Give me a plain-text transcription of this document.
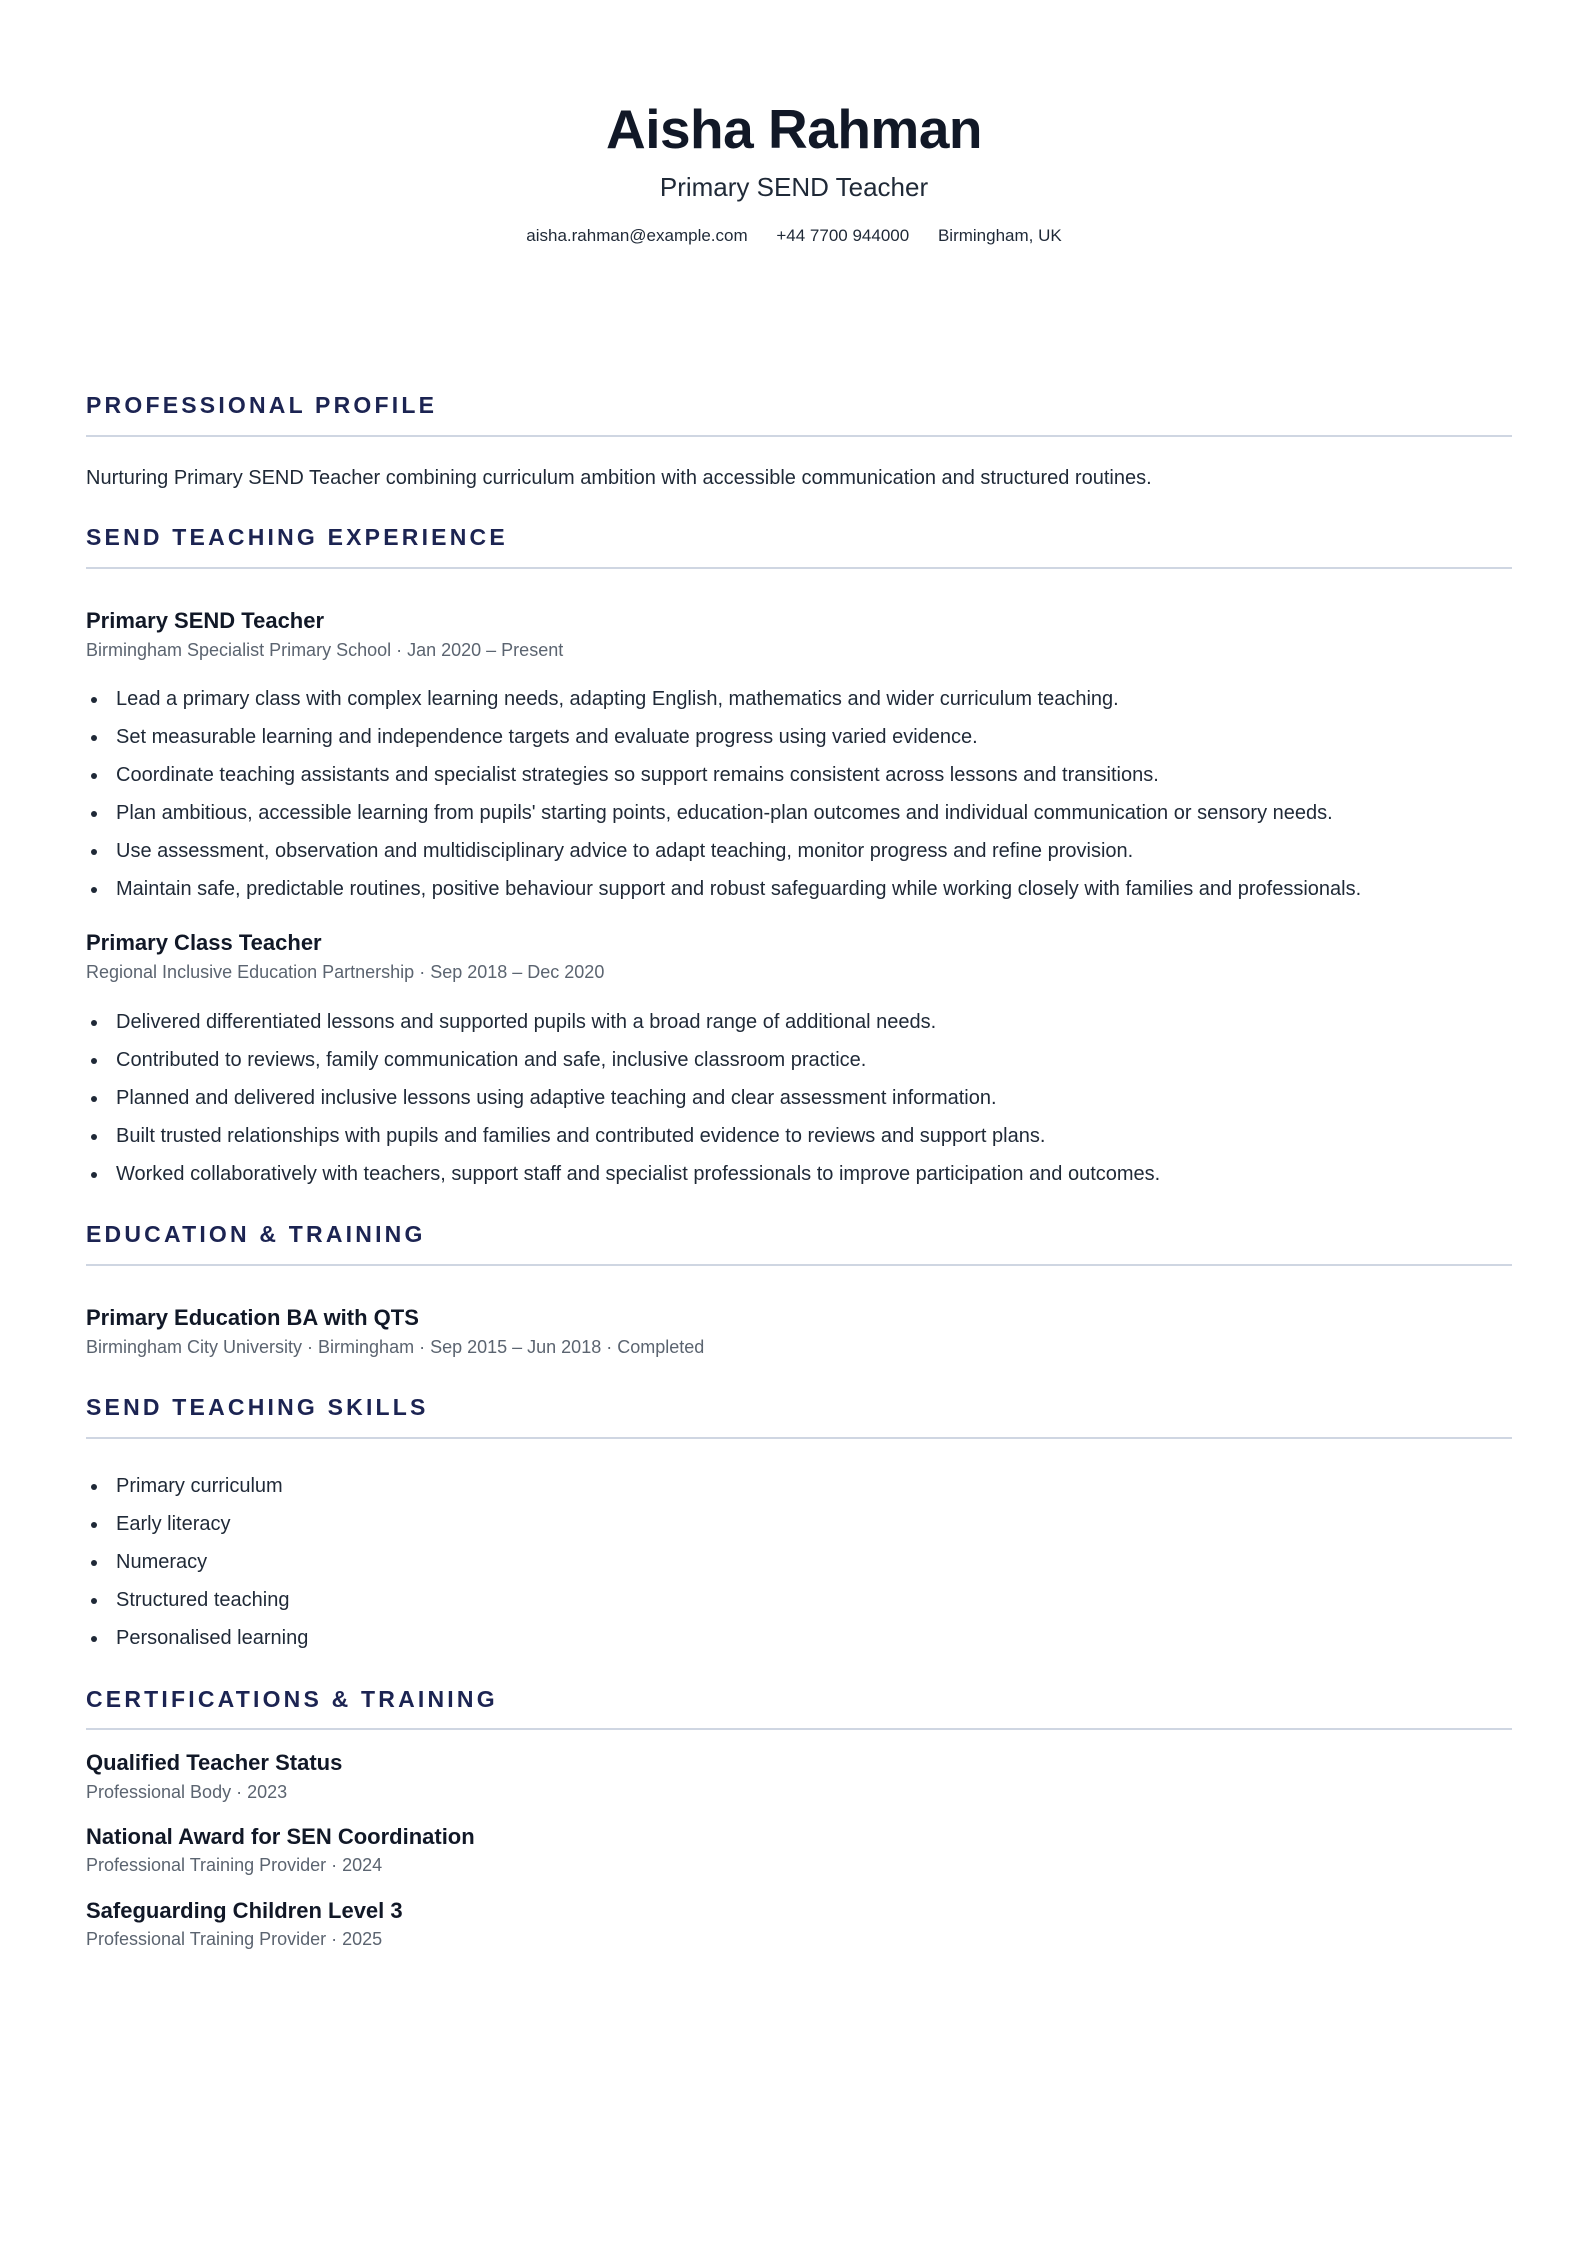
Aisha Rahman
Primary SEND Teacher
aisha.rahman@example.com +44 7700 944000 Birmingham, UK
PROFESSIONAL PROFILE
Nurturing Primary SEND Teacher combining curriculum ambition with accessible communication and structured routines.
SEND TEACHING EXPERIENCE
Primary SEND Teacher
Birmingham Specialist Primary School · Jan 2020 – Present
Lead a primary class with complex learning needs, adapting English, mathematics and wider curriculum teaching.
Set measurable learning and independence targets and evaluate progress using varied evidence.
Coordinate teaching assistants and specialist strategies so support remains consistent across lessons and transitions.
Plan ambitious, accessible learning from pupils' starting points, education-plan outcomes and individual communication or sensory needs.
Use assessment, observation and multidisciplinary advice to adapt teaching, monitor progress and refine provision.
Maintain safe, predictable routines, positive behaviour support and robust safeguarding while working closely with families and professionals.
Primary Class Teacher
Regional Inclusive Education Partnership · Sep 2018 – Dec 2020
Delivered differentiated lessons and supported pupils with a broad range of additional needs.
Contributed to reviews, family communication and safe, inclusive classroom practice.
Planned and delivered inclusive lessons using adaptive teaching and clear assessment information.
Built trusted relationships with pupils and families and contributed evidence to reviews and support plans.
Worked collaboratively with teachers, support staff and specialist professionals to improve participation and outcomes.
EDUCATION & TRAINING
Primary Education BA with QTS
Birmingham City University · Birmingham · Sep 2015 – Jun 2018 · Completed
SEND TEACHING SKILLS
Primary curriculum
Early literacy
Numeracy
Structured teaching
Personalised learning
CERTIFICATIONS & TRAINING
Qualified Teacher Status
Professional Body · 2023
National Award for SEN Coordination
Professional Training Provider · 2024
Safeguarding Children Level 3
Professional Training Provider · 2025
